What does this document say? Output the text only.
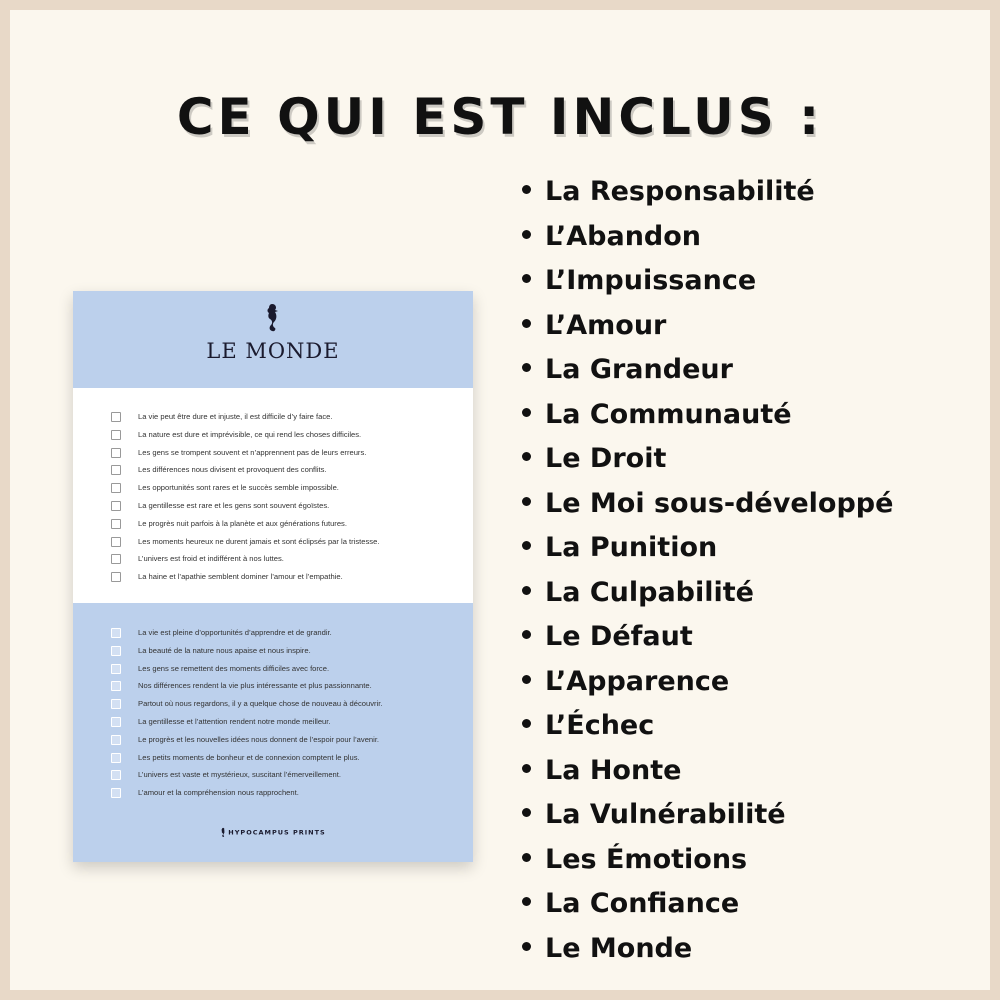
CE QUI EST INCLUS :
La Responsabilité
L’Abandon
L’Impuissance
L’Amour
La Grandeur
La Communauté
Le Droit
Le Moi sous-développé
La Punition
La Culpabilité
Le Défaut
L’Apparence
L’Échec
La Honte
La Vulnérabilité
Les Émotions
La Confiance
Le Monde
LE MONDE
La vie peut être dure et injuste, il est difficile d’y faire face.
La nature est dure et imprévisible, ce qui rend les choses difficiles.
Les gens se trompent souvent et n’apprennent pas de leurs erreurs.
Les différences nous divisent et provoquent des conflits.
Les opportunités sont rares et le succès semble impossible.
La gentillesse est rare et les gens sont souvent égoïstes.
Le progrès nuit parfois à la planète et aux générations futures.
Les moments heureux ne durent jamais et sont éclipsés par la tristesse.
L’univers est froid et indifférent à nos luttes.
La haine et l’apathie semblent dominer l’amour et l’empathie.
La vie est pleine d’opportunités d’apprendre et de grandir.
La beauté de la nature nous apaise et nous inspire.
Les gens se remettent des moments difficiles avec force.
Nos différences rendent la vie plus intéressante et plus passionnante.
Partout où nous regardons, il y a quelque chose de nouveau à découvrir.
La gentillesse et l’attention rendent notre monde meilleur.
Le progrès et les nouvelles idées nous donnent de l’espoir pour l’avenir.
Les petits moments de bonheur et de connexion comptent le plus.
L’univers est vaste et mystérieux, suscitant l’émerveillement.
L’amour et la compréhension nous rapprochent.
HYPOCAMPUS PRINTS
